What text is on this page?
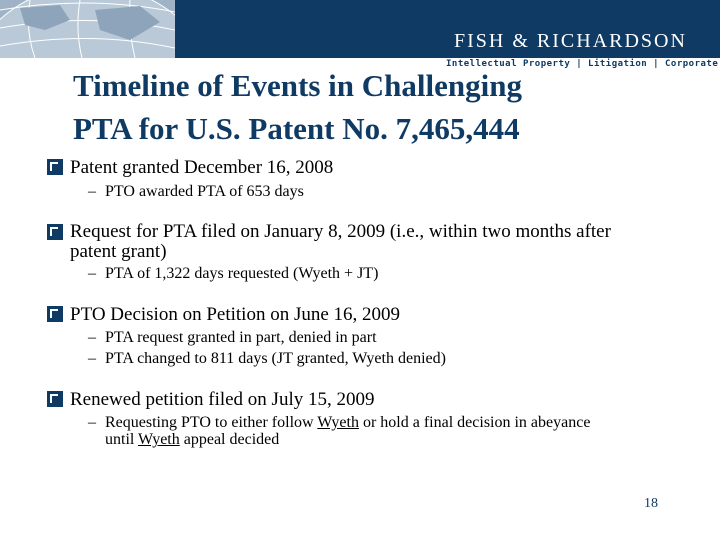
FISH & RICHARDSON
Intellectual Property | Litigation | Corporate
Timeline of Events in Challenging
PTA for U.S. Patent No. 7,465,444
Patent granted December 16, 2008
– PTO awarded PTA of 653 days
Request for PTA filed on January 8, 2009 (i.e., within two months after
patent grant)
– PTA of 1,322 days requested (Wyeth + JT)
PTO Decision on Petition on June 16, 2009
– PTA request granted in part, denied in part
– PTA changed to 811 days (JT granted, Wyeth denied)
Renewed petition filed on July 15, 2009
– Requesting PTO to either follow Wyeth or hold a final decision in abeyance
until Wyeth appeal decided
18
